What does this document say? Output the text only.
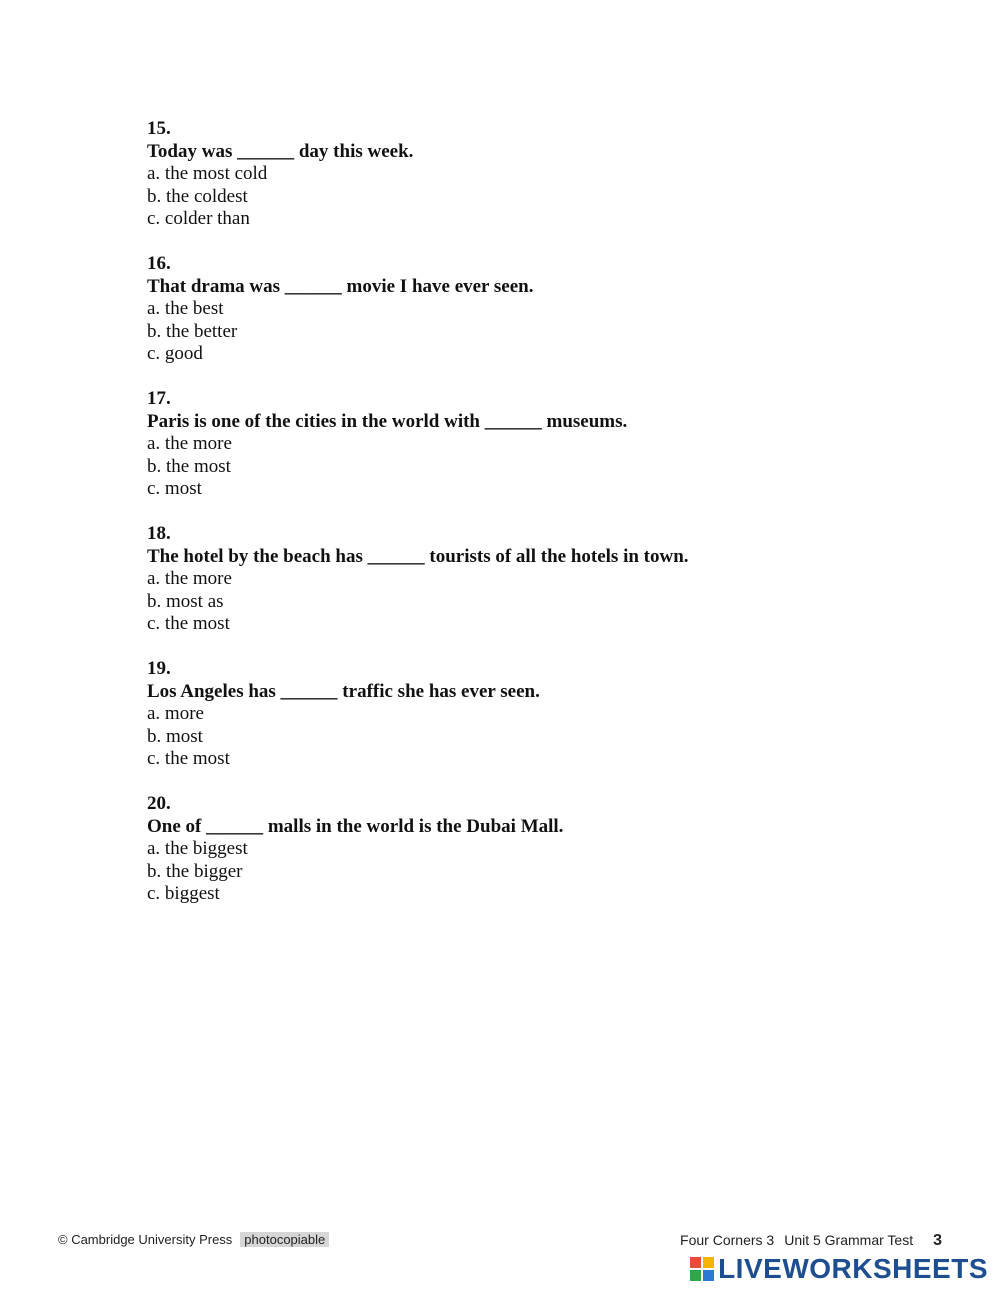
15.
Today was ______ day this week.
a. the most cold
b. the coldest
c. colder than
16.
That drama was ______ movie I have ever seen.
a. the best
b. the better
c. good
17.
Paris is one of the cities in the world with ______ museums.
a. the more
b. the most
c. most
18.
The hotel by the beach has ______ tourists of all the hotels in town.
a. the more
b. most as
c. the most
19.
Los Angeles has ______ traffic she has ever seen.
a. more
b. most
c. the most
20.
One of ______ malls in the world is the Dubai Mall.
a. the biggest
b. the bigger
c. biggest
© Cambridge University Press photocopiable	Four Corners 3 Unit 5 Grammar Test 3
LIVEWORKSHEETS
